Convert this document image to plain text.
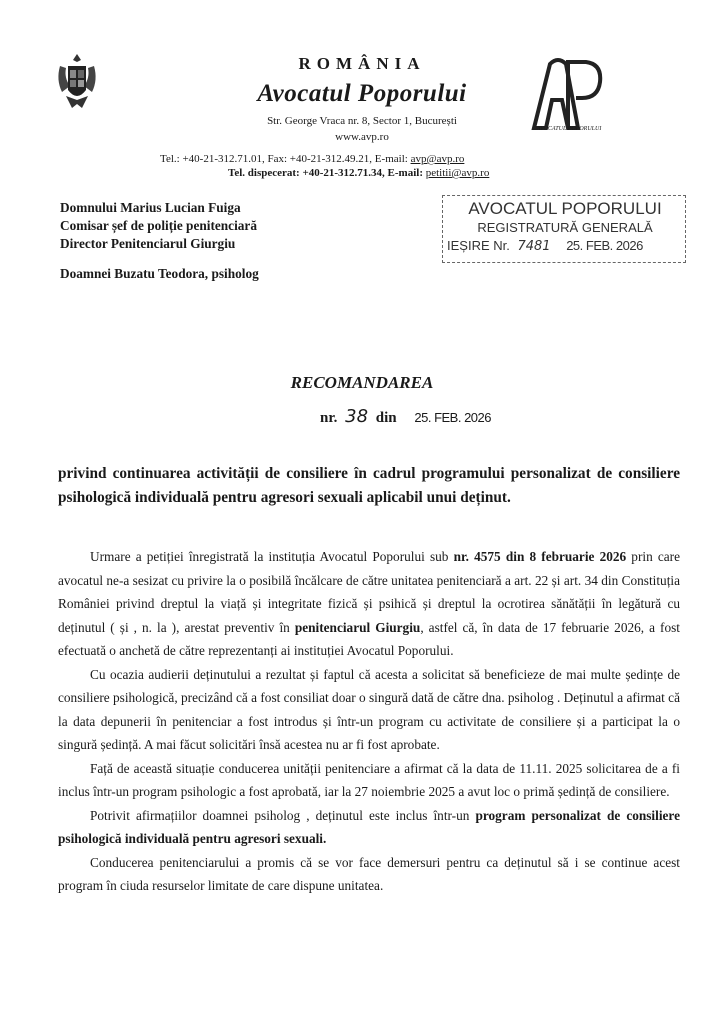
ROMÂNIA
Avocatul Poporului
Str. George Vraca nr. 8, Sector 1, București
www.avp.ro
AVOCATUL POPORULUI
Tel.: +40-21-312.71.01, Fax: +40-21-312.49.21, E-mail: avp@avp.ro
Tel. dispecerat: +40-21-312.71.34, E-mail: petitii@avp.ro
Domnului Marius Lucian Fuiga
Comisar șef de poliție penitenciară
Director Penitenciarul Giurgiu
Doamnei Buzatu Teodora, psiholog
AVOCATUL POPORULUI
REGISTRATURĂ GENERALĂ
IEȘIRE Nr. 7481 25. FEB. 2026
RECOMANDAREA
nr. 38 din 25. FEB. 2026
privind continuarea activității de consiliere în cadrul programului personalizat de consiliere psihologică individuală pentru agresori sexuali aplicabil unui deținut.

Urmare a petiției înregistrată la instituția Avocatul Poporului sub nr. 4575 din 8 februarie 2026 prin care avocatul ne-a sesizat cu privire la o posibilă încălcare de către unitatea penitenciară a art. 22 și art. 34 din Constituția României privind dreptul la viață și integritate fizică și psihică și dreptul la ocrotirea sănătății în legătură cu deținutul ( și , n. la ), arestat preventiv în penitenciarul Giurgiu, astfel că, în data de 17 februarie 2026, a fost efectuată o anchetă de către reprezentanți ai instituției Avocatul Poporului.

Cu ocazia audierii deținutului a rezultat și faptul că acesta a solicitat să beneficieze de mai multe ședințe de consiliere psihologică, precizând că a fost consiliat doar o singură dată de către dna. psiholog . Deținutul a afirmat că la data depunerii în penitenciar a fost introdus și într-un program cu activitate de consiliere și a participat la o singură ședință. A mai făcut solicitări însă acestea nu ar fi fost aprobate.

Față de această situație conducerea unității penitenciare a afirmat că la data de 11.11. 2025 solicitarea de a fi inclus într-un program psihologic a fost aprobată, iar la 27 noiembrie 2025 a avut loc o primă ședință de consiliere.

Potrivit afirmațiilor doamnei psiholog , deținutul este inclus într-un program personalizat de consiliere psihologică individuală pentru agresori sexuali.

Conducerea penitenciarului a promis că se vor face demersuri pentru ca deținutul să i se continue acest program în ciuda resurselor limitate de care dispune unitatea.
